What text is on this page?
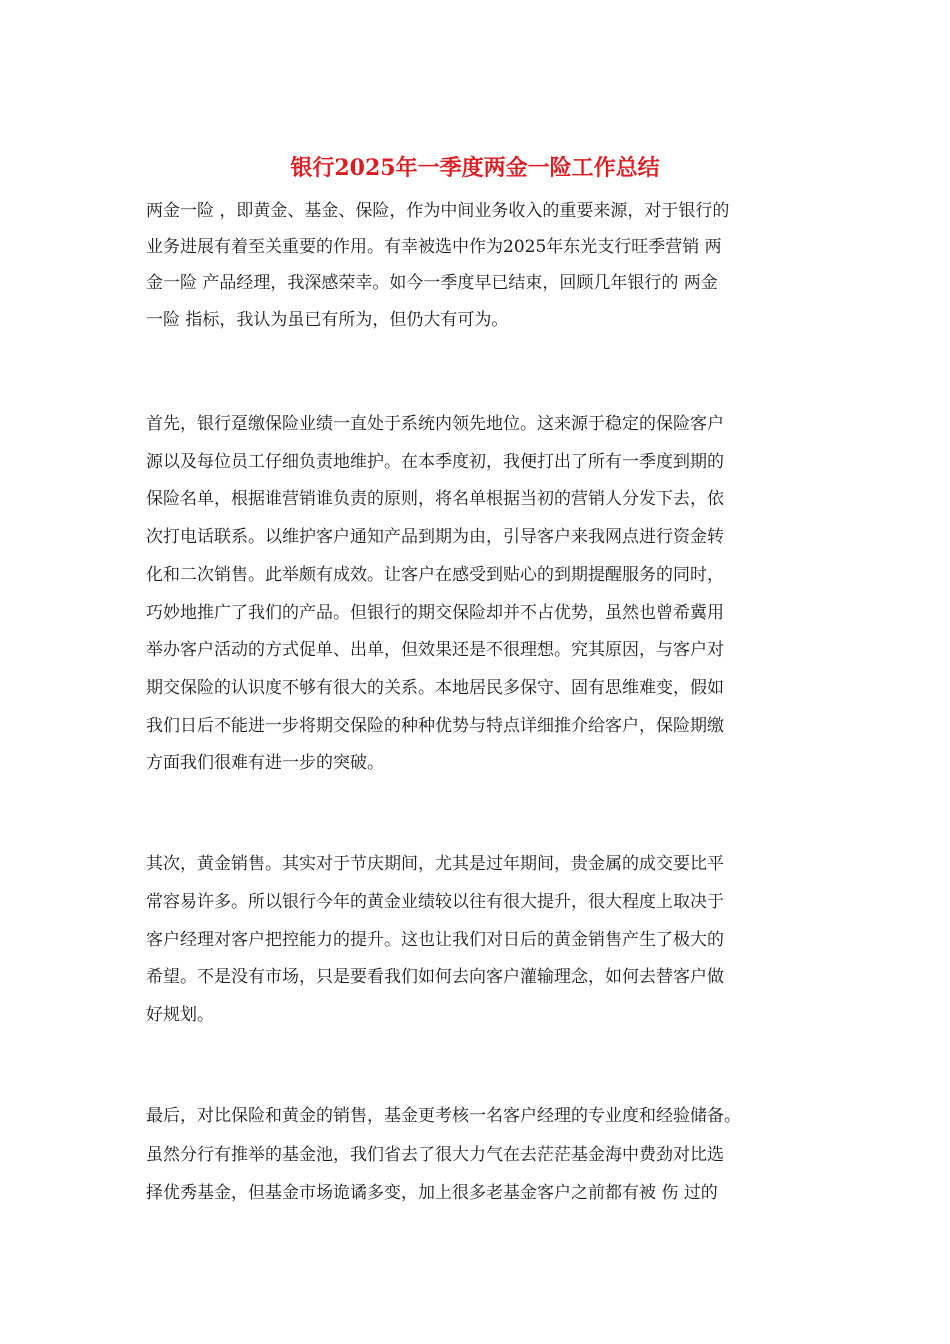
银行2025年一季度两金一险工作总结

两金一险 ，即黄金、基金、保险，作为中间业务收入的重要来源，对于银行的

业务进展有着至关重要的作用。有幸被选中作为2025年东光支行旺季营销 两

金一险 产品经理，我深感荣幸。如今一季度早已结束，回顾几年银行的 两金

一险 指标，我认为虽已有所为，但仍大有可为。

首先，银行趸缴保险业绩一直处于系统内领先地位。这来源于稳定的保险客户

源以及每位员工仔细负责地维护。在本季度初，我便打出了所有一季度到期的

保险名单，根据谁营销谁负责的原则，将名单根据当初的营销人分发下去，依

次打电话联系。以维护客户通知产品到期为由，引导客户来我网点进行资金转

化和二次销售。此举颇有成效。让客户在感受到贴心的到期提醒服务的同时，

巧妙地推广了我们的产品。但银行的期交保险却并不占优势，虽然也曾希冀用

举办客户活动的方式促单、出单，但效果还是不很理想。究其原因，与客户对

期交保险的认识度不够有很大的关系。本地居民多保守、固有思维难变，假如

我们日后不能进一步将期交保险的种种优势与特点详细推介给客户，保险期缴

方面我们很难有进一步的突破。

其次，黄金销售。其实对于节庆期间，尤其是过年期间，贵金属的成交要比平

常容易许多。所以银行今年的黄金业绩较以往有很大提升，很大程度上取决于

客户经理对客户把控能力的提升。这也让我们对日后的黄金销售产生了极大的

希望。不是没有市场，只是要看我们如何去向客户灌输理念，如何去替客户做

好规划。

最后，对比保险和黄金的销售，基金更考核一名客户经理的专业度和经验储备。

虽然分行有推举的基金池，我们省去了很大力气在去茫茫基金海中费劲对比选

择优秀基金，但基金市场诡谲多变，加上很多老基金客户之前都有被 伤 过的
